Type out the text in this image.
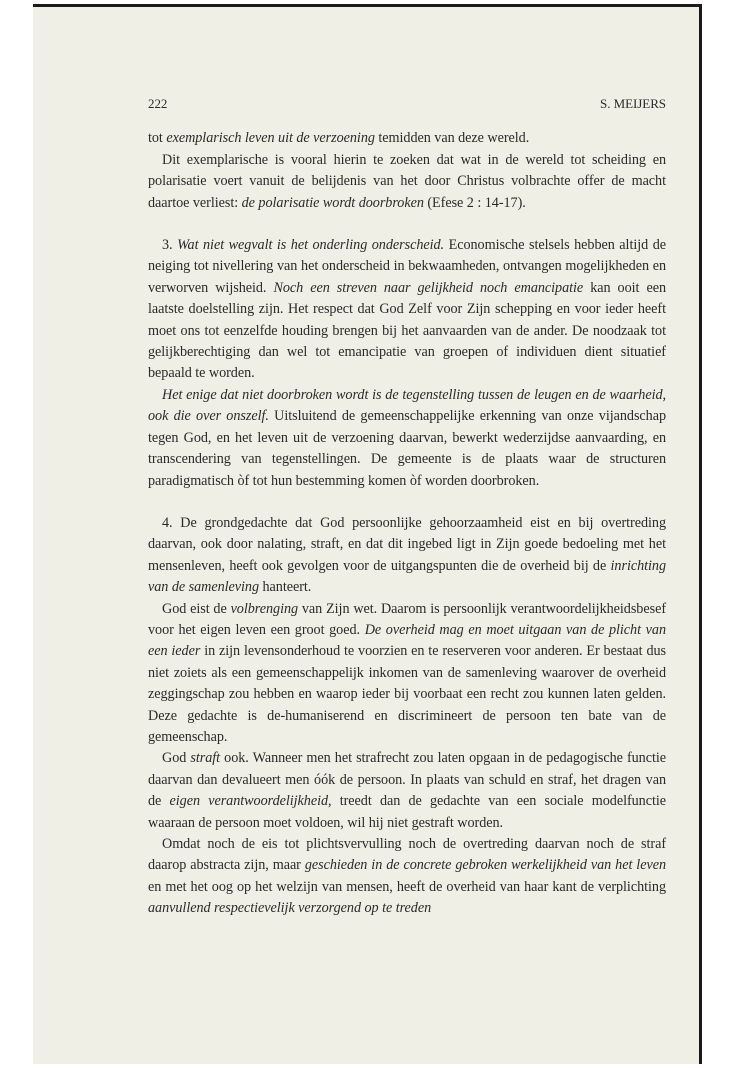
222	S. MEIJERS

tot exemplarisch leven uit de verzoening temidden van deze wereld.

Dit exemplarische is vooral hierin te zoeken dat wat in de wereld tot scheiding en polarisatie voert vanuit de belijdenis van het door Christus volbrachte offer de macht daartoe verliest: de polarisatie wordt doorbroken (Efese 2 : 14-17).

3. Wat niet wegvalt is het onderling onderscheid. Economische stelsels hebben altijd de neiging tot nivellering van het onderscheid in bekwaamheden, ontvangen mogelijkheden en verworven wijsheid. Noch een streven naar gelijkheid noch emancipatie kan ooit een laatste doelstelling zijn. Het respect dat God Zelf voor Zijn schepping en voor ieder heeft moet ons tot eenzelfde houding brengen bij het aanvaarden van de ander. De noodzaak tot gelijkberechtiging dan wel tot emancipatie van groepen of individuen dient situatief bepaald te worden.

Het enige dat niet doorbroken wordt is de tegenstelling tussen de leugen en de waarheid, ook die over onszelf. Uitsluitend de gemeenschappelijke erkenning van onze vijandschap tegen God, en het leven uit de verzoening daarvan, bewerkt wederzijdse aanvaarding, en transcendering van tegenstellingen. De gemeente is de plaats waar de structuren paradigmatisch òf tot hun bestemming komen òf worden doorbroken.

4. De grondgedachte dat God persoonlijke gehoorzaamheid eist en bij overtreding daarvan, ook door nalating, straft, en dat dit ingebed ligt in Zijn goede bedoeling met het mensenleven, heeft ook gevolgen voor de uitgangspunten die de overheid bij de inrichting van de samenleving hanteert.

God eist de volbrenging van Zijn wet. Daarom is persoonlijk verantwoordelijkheidsbesef voor het eigen leven een groot goed. De overheid mag en moet uitgaan van de plicht van een ieder in zijn levensonderhoud te voorzien en te reserveren voor anderen. Er bestaat dus niet zoiets als een gemeenschappelijk inkomen van de samenleving waarover de overheid zeggingschap zou hebben en waarop ieder bij voorbaat een recht zou kunnen laten gelden. Deze gedachte is de-humaniserend en discrimineert de persoon ten bate van de gemeenschap.

God straft ook. Wanneer men het strafrecht zou laten opgaan in de pedagogische functie daarvan dan devalueert men óók de persoon. In plaats van schuld en straf, het dragen van de eigen verantwoordelijkheid, treedt dan de gedachte van een sociale modelfunctie waaraan de persoon moet voldoen, wil hij niet gestraft worden.

Omdat noch de eis tot plichtsvervulling noch de overtreding daarvan noch de straf daarop abstracta zijn, maar geschieden in de concrete gebroken werkelijkheid van het leven en met het oog op het welzijn van mensen, heeft de overheid van haar kant de verplichting aanvullend respectievelijk verzorgend op te treden
